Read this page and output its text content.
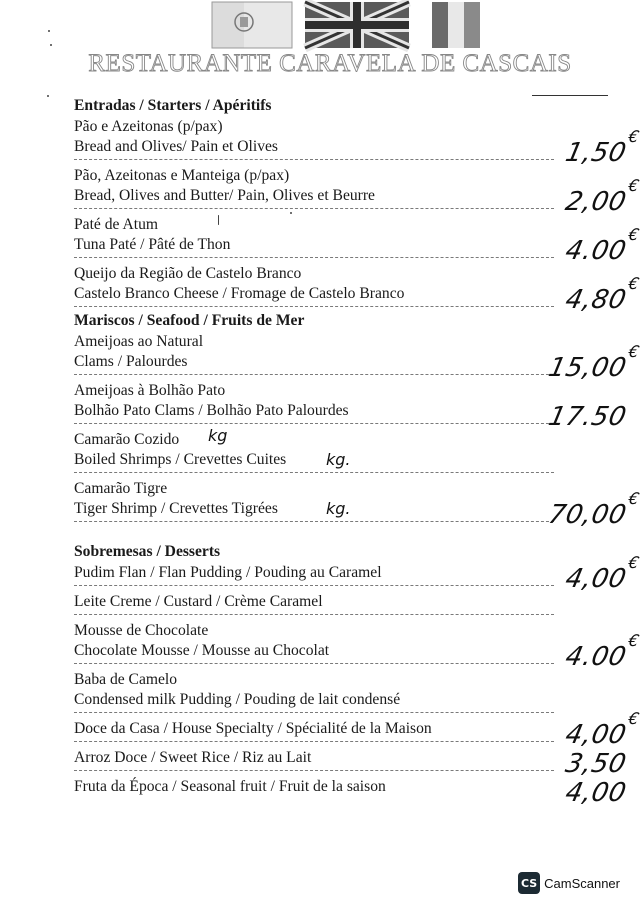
RESTAURANTE CARAVELA DE CASCAIS
Entradas / Starters / Apéritifs
Pão e Azeitonas (p/pax)
Bread and Olives/ Pain et Olives	1,50
€
Pão, Azeitonas e Manteiga (p/pax)
Bread, Olives and Butter/ Pain, Olives et Beurre	2,00
€
Paté de Atum
Tuna Paté / Pâté de Thon	4.00
€
Queijo da Região de Castelo Branco
Castelo Branco Cheese / Fromage de Castelo Branco	4,80
€
Mariscos / Seafood / Fruits de Mer
Ameijoas ao Natural
Clams / Palourdes	15,00
€
Ameijoas à Bolhão Pato
Bolhão Pato Clams / Bolhão Pato Palourdes	17.50
Camarão Cozido
Boiled Shrimps / Crevettes Cuites
kg
kg.
Camarão Tigre
Tiger Shrimp / Crevettes Tigrées	kg.	70,00
€
Sobremesas / Desserts
Pudim Flan / Flan Pudding / Pouding au Caramel	4,00
€
Leite Creme / Custard / Crème Caramel
Mousse de Chocolate
Chocolate Mousse / Mousse au Chocolat	4.00
€
Baba de Camelo
Condensed milk Pudding / Pouding de lait condensé
Doce da Casa / House Specialty / Spécialité de la Maison	4,00
€
Arroz Doce / Sweet Rice / Riz au Lait	3,50
Fruta da Época / Seasonal fruit / Fruit de la saison	4,00
CS CamScanner
